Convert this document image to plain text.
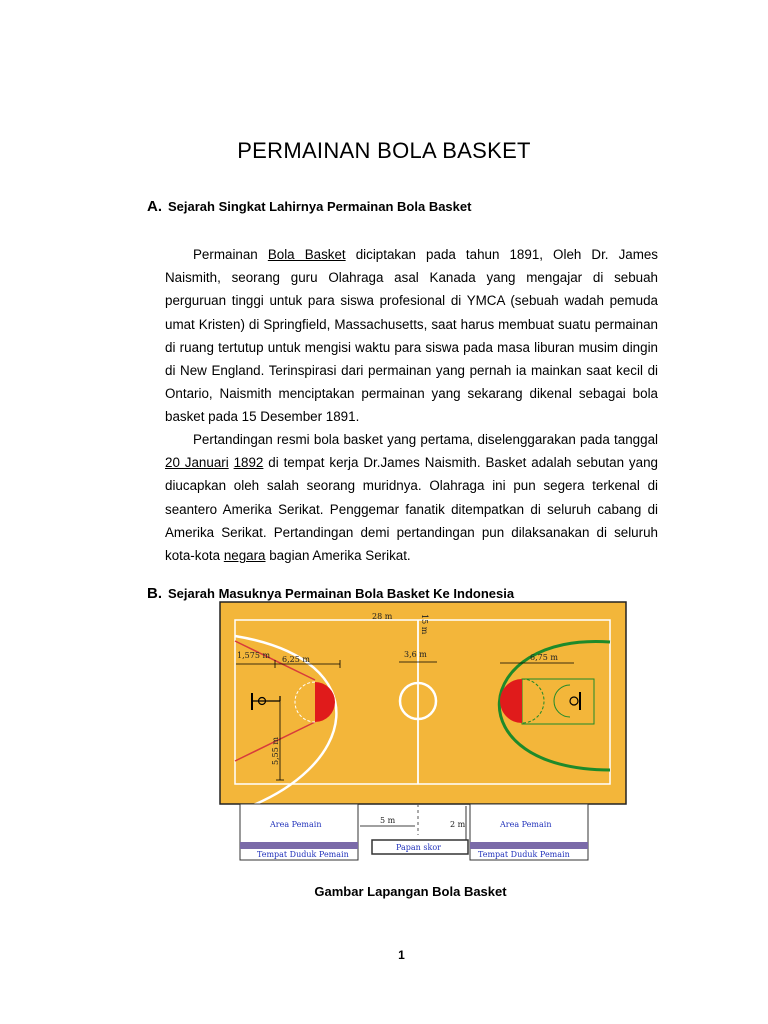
PERMAINAN BOLA BASKET
A. Sejarah Singkat Lahirnya Permainan Bola Basket

Permainan Bola Basket diciptakan pada tahun 1891, Oleh Dr. James Naismith, seorang guru Olahraga asal Kanada yang mengajar di sebuah perguruan tinggi untuk para siswa profesional di YMCA (sebuah wadah pemuda umat Kristen) di Springfield, Massachusetts, saat harus membuat suatu permainan di ruang tertutup untuk mengisi waktu para siswa pada masa liburan musim dingin di New England. Terinspirasi dari permainan yang pernah ia mainkan saat kecil di Ontario, Naismith menciptakan permainan yang sekarang dikenal sebagai bola basket pada 15 Desember 1891.

Pertandingan resmi bola basket yang pertama, diselenggarakan pada tanggal 20 Januari 1892 di tempat kerja Dr.James Naismith. Basket adalah sebutan yang diucapkan oleh salah seorang muridnya. Olahraga ini pun segera terkenal di seantero Amerika Serikat. Penggemar fanatik ditempatkan di seluruh cabang di Amerika Serikat. Pertandingan demi pertandingan pun dilaksanakan di seluruh kota-kota negara bagian Amerika Serikat.

B. Sejarah Masuknya Permainan Bola Basket Ke Indonesia
1,575 m 6,25 m
5,55 m
28 m	15 m
3,6 m	6,75 m
Area Pemain
Tempat Duduk Pemain
Area Pemain
Tempat Duduk Pemain
5 m	2 m
Papan skor
Gambar Lapangan Bola Basket
1
